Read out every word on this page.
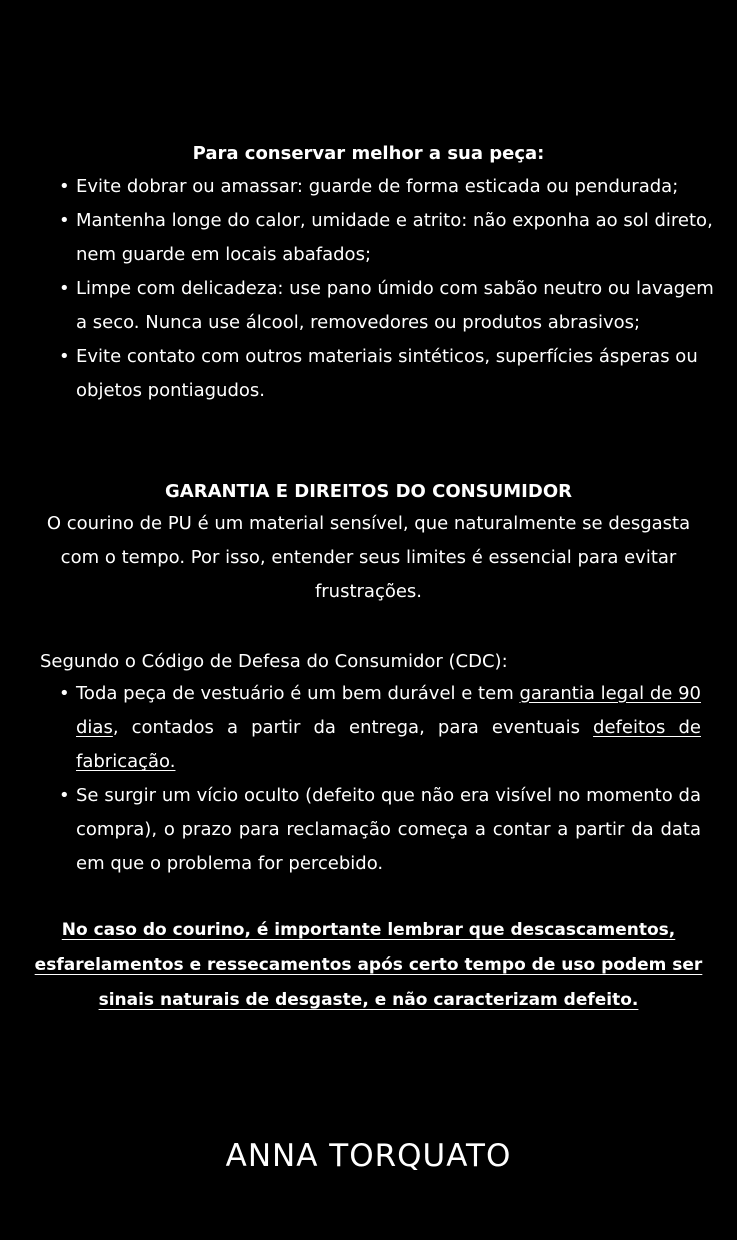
Para conservar melhor a sua peça:
• Evite dobrar ou amassar: guarde de forma esticada ou pendurada;
• Mantenha longe do calor, umidade e atrito: não exponha ao sol direto, nem guarde em locais abafados;
• Limpe com delicadeza: use pano úmido com sabão neutro ou lavagem a seco. Nunca use álcool, removedores ou produtos abrasivos;
• Evite contato com outros materiais sintéticos, superfícies ásperas ou objetos pontiagudos.
GARANTIA E DIREITOS DO CONSUMIDOR

O courino de PU é um material sensível, que naturalmente se desgasta com o tempo. Por isso, entender seus limites é essencial para evitar frustrações.

Segundo o Código de Defesa do Consumidor (CDC):

• Toda peça de vestuário é um bem durável e tem garantia legal de 90 dias, contados a partir da entrega, para eventuais defeitos de fabricação.
• Se surgir um vício oculto (defeito que não era visível no momento da compra), o prazo para reclamação começa a contar a partir da data em que o problema for percebido.

No caso do courino, é importante lembrar que descascamentos, esfarelamentos e ressecamentos após certo tempo de uso podem ser sinais naturais de desgaste, e não caracterizam defeito.

ANNA TORQUATO
